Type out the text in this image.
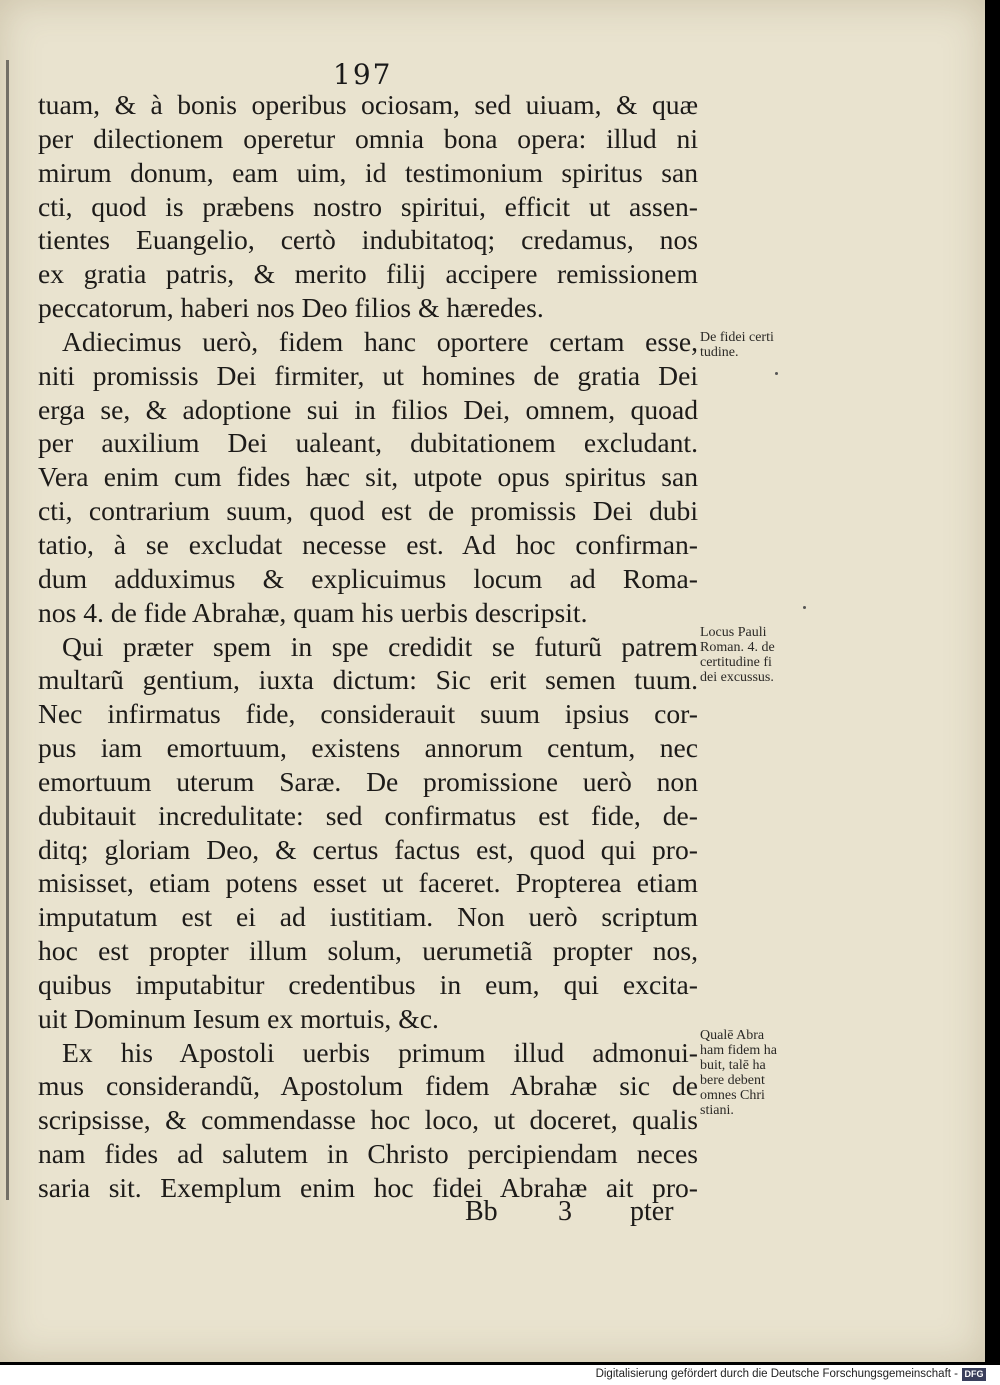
197
tuam, & à bonis operibus ociosam, sed uiuam, & quæ
per dilectionem operetur omnia bona opera: illud ni
mirum donum, eam uim, id testimonium spiritus san
cti, quod is præbens nostro spiritui, efficit ut assen-
tientes Euangelio, certò indubitatoq; credamus, nos
ex gratia patris, & merito filij accipere remissionem
peccatorum, haberi nos Deo filios & hæredes.
Adiecimus uerò, fidem hanc oportere certam esse,
niti promissis Dei firmiter, ut homines de gratia Dei
erga se, & adoptione sui in filios Dei, omnem, quoad
per auxilium Dei ualeant, dubitationem excludant.
Vera enim cum fides hæc sit, utpote opus spiritus san
cti, contrarium suum, quod est de promissis Dei dubi
tatio, à se excludat necesse est. Ad hoc confirman-
dum adduximus & explicuimus locum ad Roma-
nos 4. de fide Abrahæ, quam his uerbis descripsit.
Qui præter spem in spe credidit se futurũ patrem
multarũ gentium, iuxta dictum: Sic erit semen tuum.
Nec infirmatus fide, considerauit suum ipsius cor-
pus iam emortuum, existens annorum centum, nec
emortuum uterum Saræ. De promissione uerò non
dubitauit incredulitate: sed confirmatus est fide, de-
ditq; gloriam Deo, & certus factus est, quod qui pro-
misisset, etiam potens esset ut faceret. Propterea etiam
imputatum est ei ad iustitiam. Non uerò scriptum
hoc est propter illum solum, uerumetiã propter nos,
quibus imputabitur credentibus in eum, qui excita-
uit Dominum Iesum ex mortuis, &c.
Ex his Apostoli uerbis primum illud admonui-
mus considerandũ, Apostolum fidem Abrahæ sic de
scripsisse, & commendasse hoc loco, ut doceret, qualis
nam fides ad salutem in Christo percipiendam neces
saria sit. Exemplum enim hoc fidei Abrahæ ait pro-
De fidei certi
tudine.
Locus Pauli
Roman. 4. de
certitudine fi
dei excussus.
Qualē Abra
ham fidem ha
buit, talē ha
bere debent
omnes Chri
stiani.
Bb 3 pter
Digitalisierung gefördert durch die Deutsche Forschungsgemeinschaft - DFG
